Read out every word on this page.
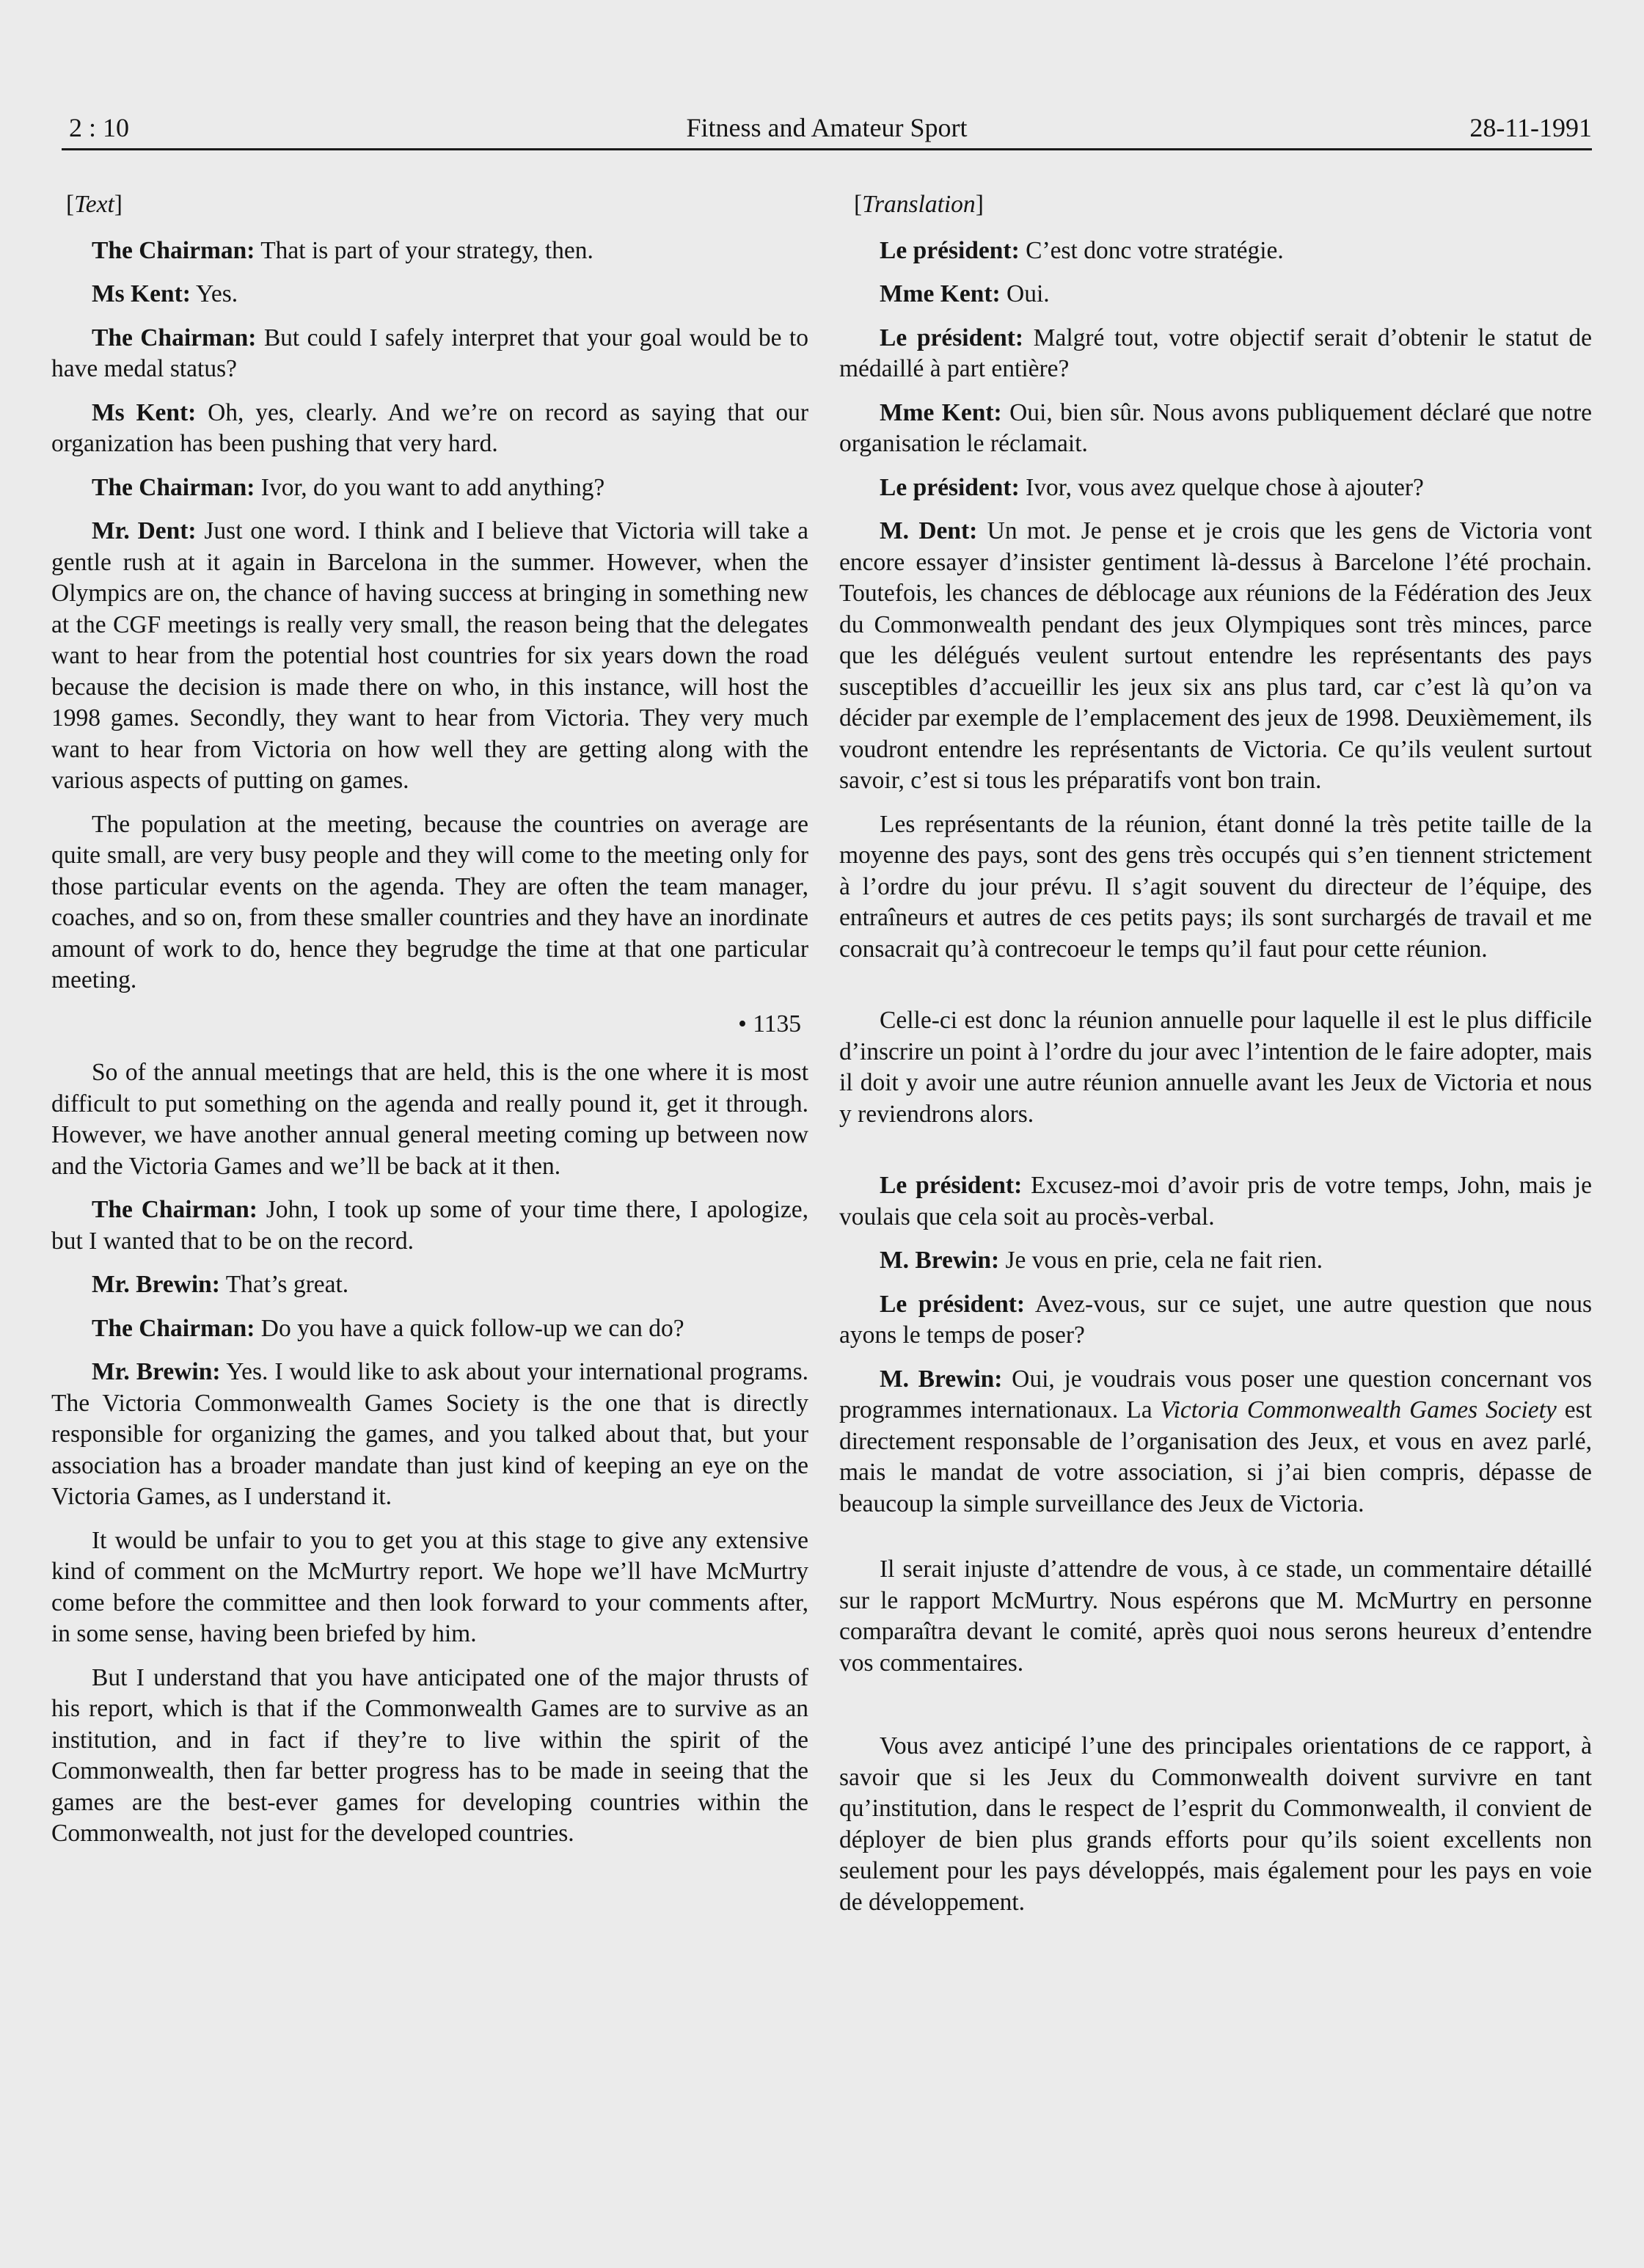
2 : 10	Fitness and Amateur Sport	28-11-1991

[Text]

The Chairman: That is part of your strategy, then.

Ms Kent: Yes.

The Chairman: But could I safely interpret that your goal would be to have medal status?

Ms Kent: Oh, yes, clearly. And we’re on record as saying that our organization has been pushing that very hard.

The Chairman: Ivor, do you want to add anything?

Mr. Dent: Just one word. I think and I believe that Victoria will take a gentle rush at it again in Barcelona in the summer. However, when the Olympics are on, the chance of having success at bringing in something new at the CGF meetings is really very small, the reason being that the delegates want to hear from the potential host countries for six years down the road because the decision is made there on who, in this instance, will host the 1998 games. Secondly, they want to hear from Victoria. They very much want to hear from Victoria on how well they are getting along with the various aspects of putting on games.

The population at the meeting, because the countries on average are quite small, are very busy people and they will come to the meeting only for those particular events on the agenda. They are often the team manager, coaches, and so on, from these smaller countries and they have an inordinate amount of work to do, hence they begrudge the time at that one particular meeting.

• 1135

So of the annual meetings that are held, this is the one where it is most difficult to put something on the agenda and really pound it, get it through. However, we have another annual general meeting coming up between now and the Victoria Games and we’ll be back at it then.

The Chairman: John, I took up some of your time there, I apologize, but I wanted that to be on the record.

Mr. Brewin: That’s great.

The Chairman: Do you have a quick follow-up we can do?

Mr. Brewin: Yes. I would like to ask about your international programs. The Victoria Commonwealth Games Society is the one that is directly responsible for organizing the games, and you talked about that, but your association has a broader mandate than just kind of keeping an eye on the Victoria Games, as I understand it.

It would be unfair to you to get you at this stage to give any extensive kind of comment on the McMurtry report. We hope we’ll have McMurtry come before the committee and then look forward to your comments after, in some sense, having been briefed by him.

But I understand that you have anticipated one of the major thrusts of his report, which is that if the Commonwealth Games are to survive as an institution, and in fact if they’re to live within the spirit of the Commonwealth, then far better progress has to be made in seeing that the games are the best-ever games for developing countries within the Commonwealth, not just for the developed countries.

[Translation]

Le président: C’est donc votre stratégie.

Mme Kent: Oui.

Le président: Malgré tout, votre objectif serait d’obtenir le statut de médaillé à part entière?

Mme Kent: Oui, bien sûr. Nous avons publiquement déclaré que notre organisation le réclamait.

Le président: Ivor, vous avez quelque chose à ajouter?

M. Dent: Un mot. Je pense et je crois que les gens de Victoria vont encore essayer d’insister gentiment là-dessus à Barcelone l’été prochain. Toutefois, les chances de déblocage aux réunions de la Fédération des Jeux du Commonwealth pendant des jeux Olympiques sont très minces, parce que les délégués veulent surtout entendre les représentants des pays susceptibles d’accueillir les jeux six ans plus tard, car c’est là qu’on va décider par exemple de l’emplacement des jeux de 1998. Deuxièmement, ils voudront entendre les représentants de Victoria. Ce qu’ils veulent surtout savoir, c’est si tous les préparatifs vont bon train.

Les représentants de la réunion, étant donné la très petite taille de la moyenne des pays, sont des gens très occupés qui s’en tiennent strictement à l’ordre du jour prévu. Il s’agit souvent du directeur de l’équipe, des entraîneurs et autres de ces petits pays; ils sont surchargés de travail et me consacrait qu’à contrecoeur le temps qu’il faut pour cette réunion.

Celle-ci est donc la réunion annuelle pour laquelle il est le plus difficile d’inscrire un point à l’ordre du jour avec l’intention de le faire adopter, mais il doit y avoir une autre réunion annuelle avant les Jeux de Victoria et nous y reviendrons alors.

Le président: Excusez-moi d’avoir pris de votre temps, John, mais je voulais que cela soit au procès-verbal.

M. Brewin: Je vous en prie, cela ne fait rien.

Le président: Avez-vous, sur ce sujet, une autre question que nous ayons le temps de poser?

M. Brewin: Oui, je voudrais vous poser une question concernant vos programmes internationaux. La Victoria Commonwealth Games Society est directement responsable de l’organisation des Jeux, et vous en avez parlé, mais le mandat de votre association, si j’ai bien compris, dépasse de beaucoup la simple surveillance des Jeux de Victoria.

Il serait injuste d’attendre de vous, à ce stade, un commentaire détaillé sur le rapport McMurtry. Nous espérons que M. McMurtry en personne comparaîtra devant le comité, après quoi nous serons heureux d’entendre vos commentaires.

Vous avez anticipé l’une des principales orientations de ce rapport, à savoir que si les Jeux du Commonwealth doivent survivre en tant qu’institution, dans le respect de l’esprit du Commonwealth, il convient de déployer de bien plus grands efforts pour qu’ils soient excellents non seulement pour les pays développés, mais également pour les pays en voie de développement.
